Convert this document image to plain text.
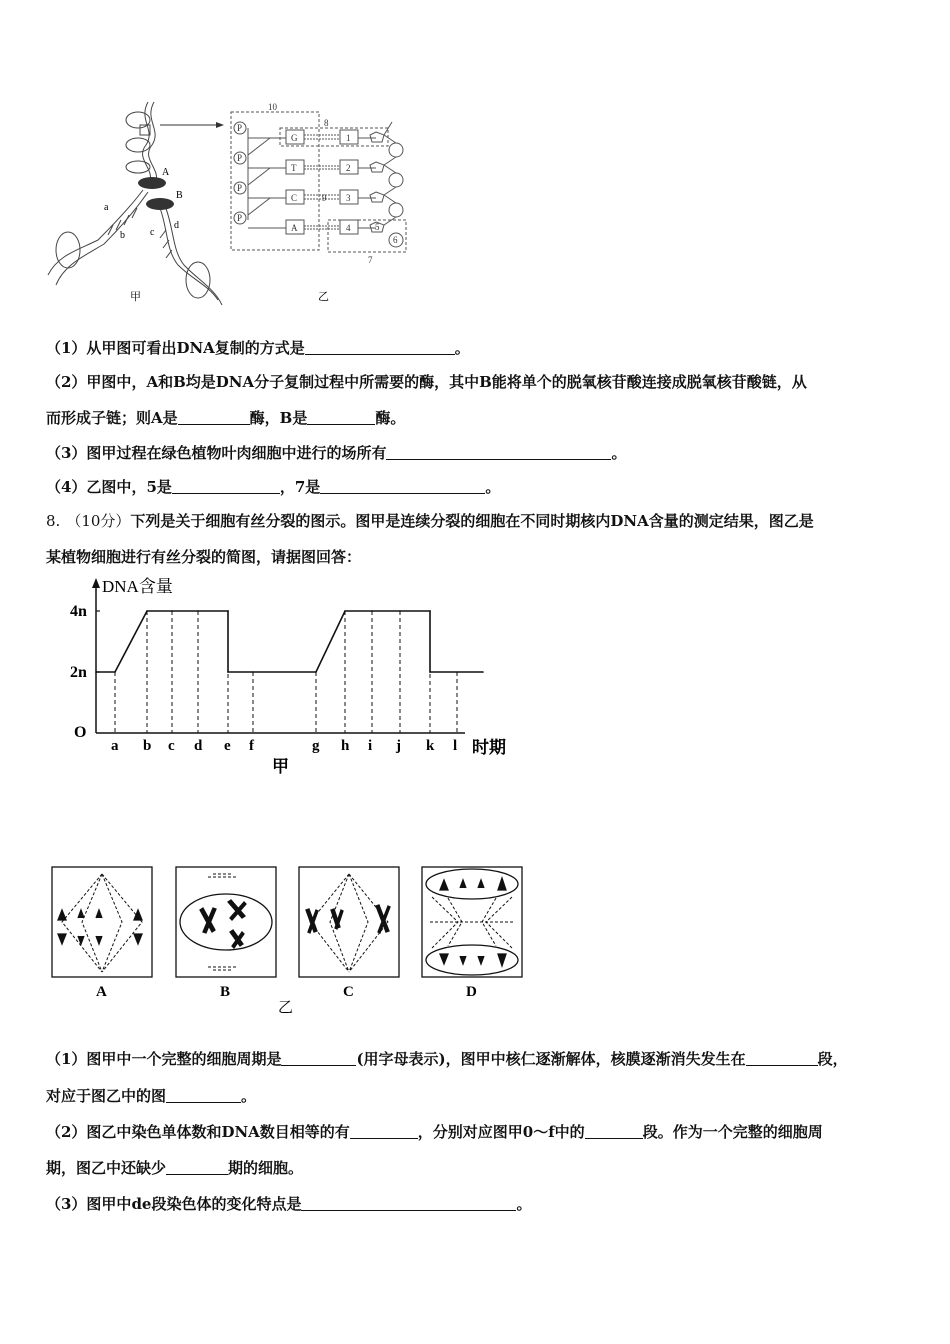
A
B
a
b	c
d
甲
P
P
P
P
G
T
C
A
1
2
3
4
10
8
9
5
6
7
乙
（1）从甲图可看出DNA复制的方式是	。
（2）甲图中，A和B均是DNA分子复制过程中所需要的酶，其中B能将单个的脱氧核苷酸连接成脱氧核苷酸链，从
而形成子链；则A是	酶，B是	酶。
（3）图甲过程在绿色植物叶肉细胞中进行的场所有	。
（4）乙图中，5是	，7是	。
8. （10分）下列是关于细胞有丝分裂的图示。图甲是连续分裂的细胞在不同时期核内DNA含量的测定结果，图乙是
某植物细胞进行有丝分裂的简图，请据图回答：
DNA含量
时期
O
2n
4n
a b c d e f	g h i j k l
甲
A	B	C	D
乙
（1）图甲中一个完整的细胞周期是	(用字母表示)，图甲中核仁逐渐解体，核膜逐渐消失发生在	段，
对应于图乙中的图	。
（2）图乙中染色单体数和DNA数目相等的有	，分别对应图甲0～f中的	段。作为一个完整的细胞周
期，图乙中还缺少	期的细胞。
（3）图甲中de段染色体的变化特点是	。
